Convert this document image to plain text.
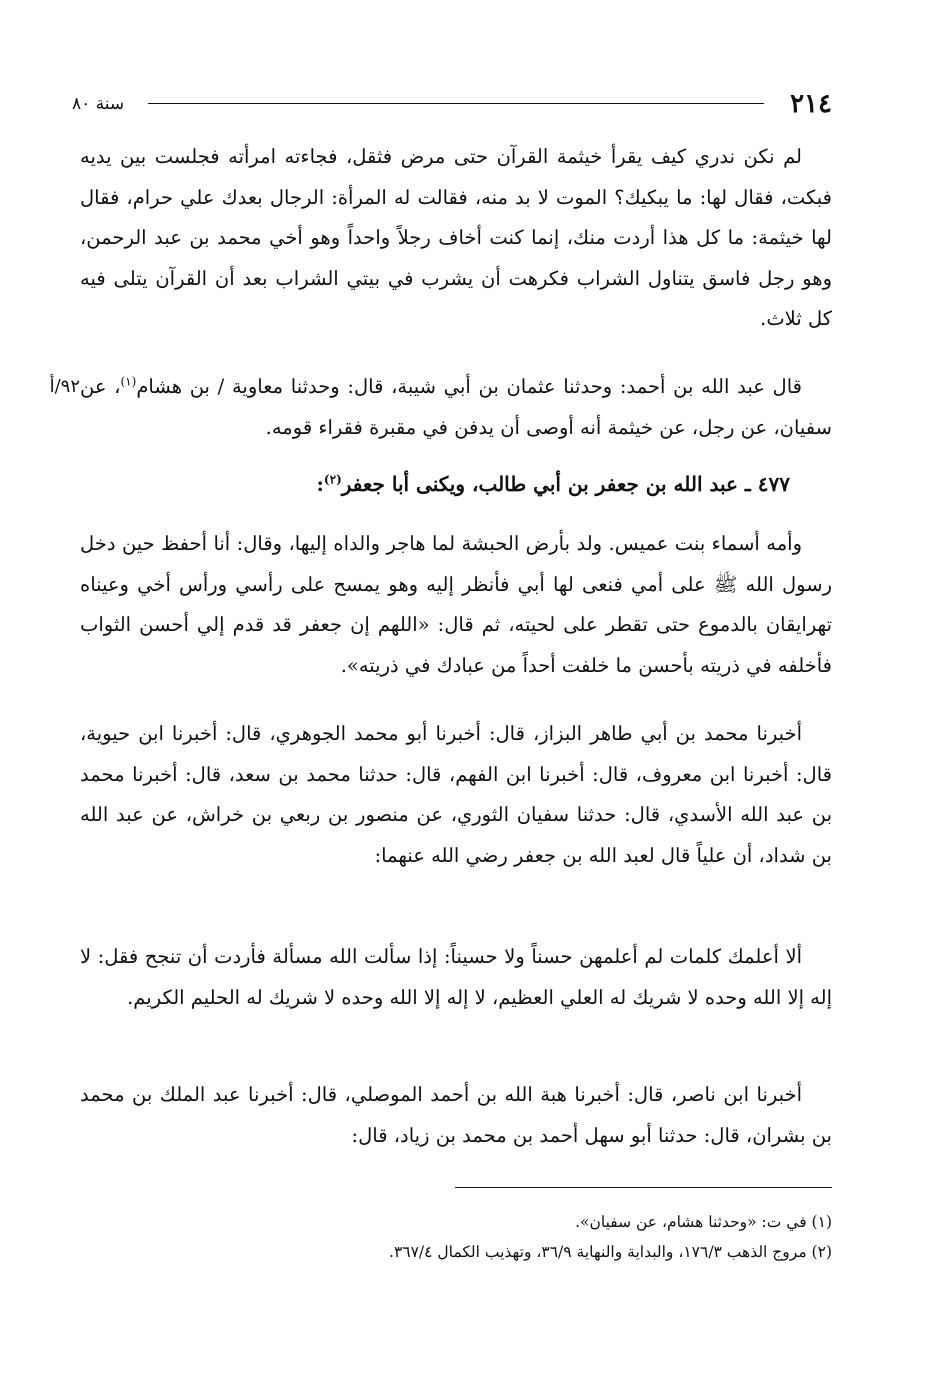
٢١٤
سنة ٨٠

لم نكن ندري كيف يقرأ خيثمة القرآن حتى مرض فثقل، فجاءته امرأته فجلست بين يديه فبكت، فقال لها: ما يبكيك؟ الموت لا بد منه، فقالت له المرأة: الرجال بعدك علي حرام، فقال لها خيثمة: ما كل هذا أردت منك، إنما كنت أخاف رجلاً واحداً وهو أخي محمد بن عبد الرحمن، وهو رجل فاسق يتناول الشراب فكرهت أن يشرب في بيتي الشراب بعد أن القرآن يتلى فيه كل ثلاث.

٩٢/أ	قال عبد الله بن أحمد: وحدثنا عثمان بن أبي شيبة، قال: وحدثنا معاوية / بن هشام$^{(١)}$، عن سفيان، عن رجل، عن خيثمة أنه أوصى أن يدفن في مقبرة فقراء قومه.

٤٧٧ ـ عبد الله بن جعفر بن أبي طالب، ويكنى أبا جعفر$^{(٢)}$:

وأمه أسماء بنت عميس. ولد بأرض الحبشة لما هاجر والداه إليها، وقال: أنا أحفظ حين دخل رسول الله ﷺ على أمي فنعى لها أبي فأنظر إليه وهو يمسح على رأسي ورأس أخي وعيناه تهرايقان بالدموع حتى تقطر على لحيته، ثم قال: «اللهم إن جعفر قد قدم إلي أحسن الثواب فأخلفه في ذريته بأحسن ما خلفت أحداً من عبادك في ذريته».

أخبرنا محمد بن أبي طاهر البزاز، قال: أخبرنا أبو محمد الجوهري، قال: أخبرنا ابن حيوية، قال: أخبرنا ابن معروف، قال: أخبرنا ابن الفهم، قال: حدثنا محمد بن سعد، قال: أخبرنا محمد بن عبد الله الأسدي، قال: حدثنا سفيان الثوري، عن منصور بن ربعي بن خراش، عن عبد الله بن شداد، أن علياً قال لعبد الله بن جعفر رضي الله عنهما:

ألا أعلمك كلمات لم أعلمهن حسناً ولا حسيناً: إذا سألت الله مسألة فأردت أن تنجح فقل: لا إله إلا الله وحده لا شريك له العلي العظيم، لا إله إلا الله وحده لا شريك له الحليم الكريم.

أخبرنا ابن ناصر، قال: أخبرنا هبة الله بن أحمد الموصلي، قال: أخبرنا عبد الملك بن محمد بن بشران، قال: حدثنا أبو سهل أحمد بن محمد بن زياد، قال:

(١) في ت: «وحدثنا هشام، عن سفيان».

(٢) مروج الذهب ١٧٦/٣، والبداية والنهاية ٣٦/٩، وتهذيب الكمال ٣٦٧/٤.
